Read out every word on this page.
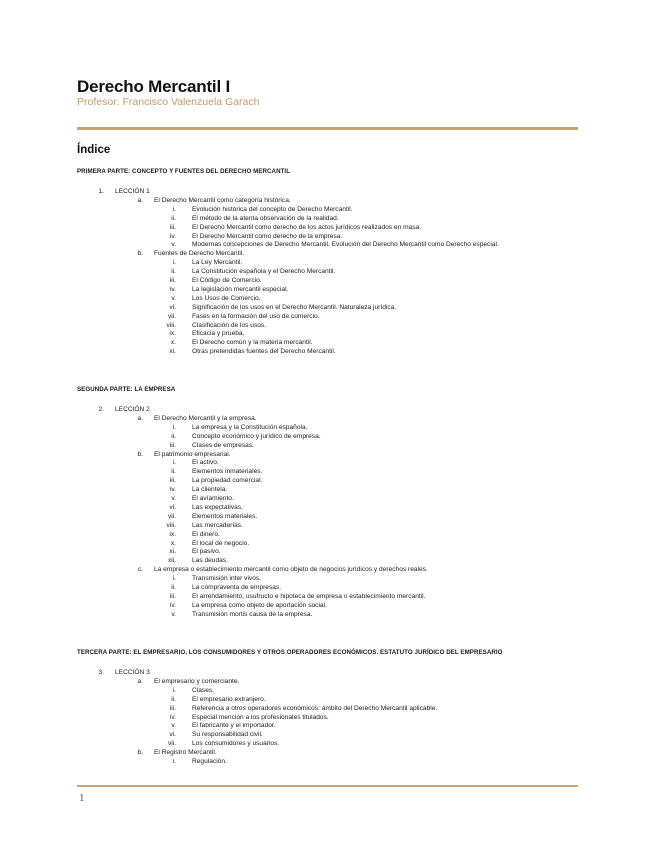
Derecho Mercantil I
Profesor: Francisco Valenzuela Garach
Índice
PRIMERA PARTE: CONCEPTO Y FUENTES DEL DERECHO MERCANTIL
1. LECCIÓN 1
a. El Derecho Mercantil como categoría histórica.
i. Evolución histórica del concepto de Derecho Mercantil.
ii. El método de la atenta observación de la realidad.
iii. El Derecho Mercantil como derecho de los actos jurídicos realizados en masa.
iv. El Derecho Mercantil como derecho de la empresa.
v. Modernas concepciones de Derecho Mercantil. Evolución del Derecho Mercantil como Derecho especial.
b. Fuentes de Derecho Mercantil.
i. La Ley Mercantil.
ii. La Constitución española y el Derecho Mercantil.
iii. El Código de Comercio.
iv. La legislación mercantil especial.
v. Los Usos de Comercio.
vi. Significación de los usos en el Derecho Mercantil. Naturaleza jurídica.
vii. Fases en la formación del uso de comercio.
viii. Clasificación de los usos.
ix. Eficacia y prueba.
x. El Derecho común y la materia mercantil.
xi. Otras pretendidas fuentes del Derecho Mercantil.
SEGUNDA PARTE: LA EMPRESA
2. LECCIÓN 2
a. El Derecho Mercantil y la empresa.
i. La empresa y la Constitución española.
ii. Concepto económico y jurídico de empresa.
iii. Clases de empresas.
b. El patrimonio empresarial.
i. El activo.
ii. Elementos inmateriales.
iii. La propiedad comercial.
iv. La clientela.
v. El avíamiento.
vi. Las expectativas.
vii. Elementos materiales.
viii. Las mercaderías.
ix. El dinero.
x. El local de negocio.
xi. El pasivo.
xii. Las deudas.
c. La empresa o establecimiento mercantil como objeto de negocios jurídicos y derechos reales.
i. Transmisión inter vivos.
ii. La compraventa de empresas.
iii. El arrendamiento, usufructo e hipoteca de empresa o establecimiento mercantil.
iv. La empresa como objeto de aportación social.
v. Transmisión mortis causa de la empresa.
TERCERA PARTE: EL EMPRESARIO, LOS CONSUMIDORES Y OTROS OPERADORES ECONÓMICOS. ESTATUTO JURÍDICO DEL EMPRESARIO
3. LECCIÓN 3
a. El empresario y comerciante.
i. Clases.
ii. El empresario extranjero.
iii. Referencia a otros operadores económicos: ámbito del Derecho Mercantil aplicable.
iv. Especial mención a los profesionales titulados.
v. El fabricante y el importador.
vi. Su responsabilidad civil.
vii. Los consumidores y usuarios.
b. El Registro Mercantil.
i. Regulación.
1
